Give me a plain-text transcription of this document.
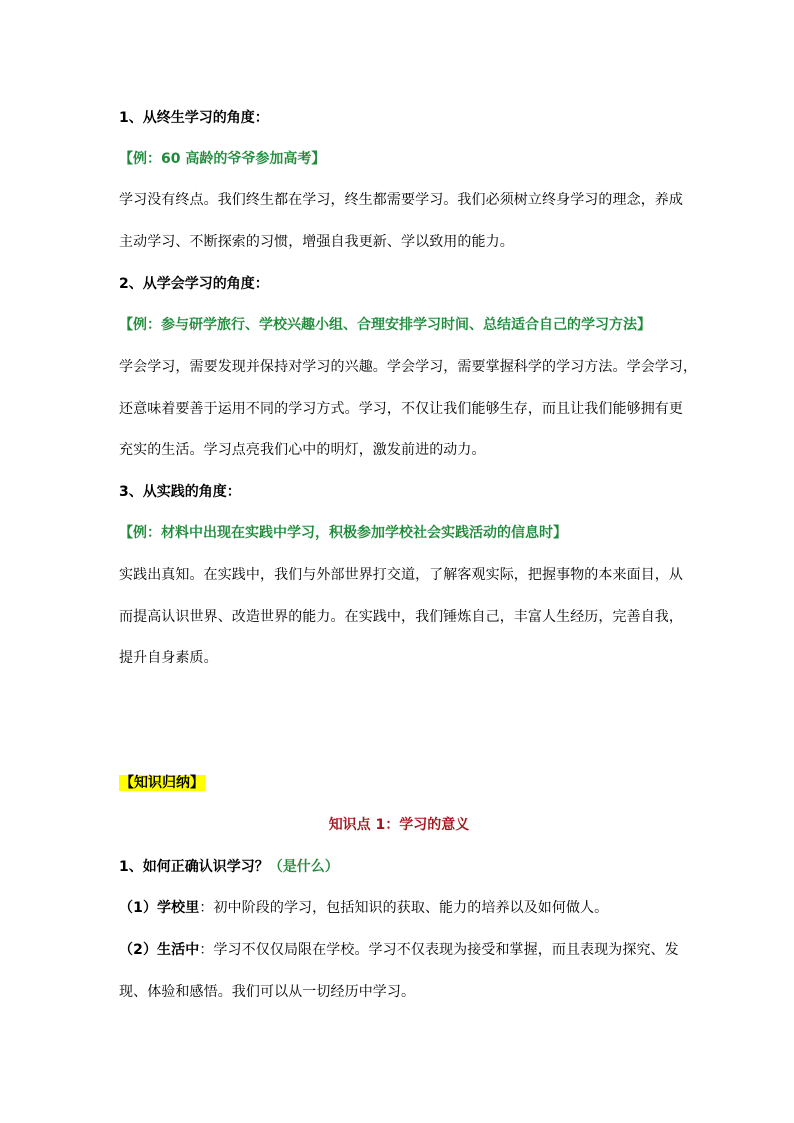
1、从终生学习的角度：
【例：60 高龄的爷爷参加高考】
学习没有终点。我们终生都在学习，终生都需要学习。我们必须树立终身学习的理念，养成
主动学习、不断探索的习惯，增强自我更新、学以致用的能力。
2、从学会学习的角度：
【例：参与研学旅行、学校兴趣小组、合理安排学习时间、总结适合自己的学习方法】
学会学习，需要发现并保持对学习的兴趣。学会学习，需要掌握科学的学习方法。学会学习，
还意味着要善于运用不同的学习方式。学习，不仅让我们能够生存，而且让我们能够拥有更
充实的生活。学习点亮我们心中的明灯，激发前进的动力。
3、从实践的角度：
【例：材料中出现在实践中学习，积极参加学校社会实践活动的信息时】
实践出真知。在实践中，我们与外部世界打交道，了解客观实际，把握事物的本来面目，从
而提高认识世界、改造世界的能力。在实践中，我们锤炼自己，丰富人生经历，完善自我，
提升自身素质。
【知识归纳】
知识点 1：学习的意义
1、如何正确认识学习？（是什么）
（1）学校里：初中阶段的学习，包括知识的获取、能力的培养以及如何做人。
（2）生活中：学习不仅仅局限在学校。学习不仅表现为接受和掌握，而且表现为探究、发
现、体验和感悟。我们可以从一切经历中学习。
